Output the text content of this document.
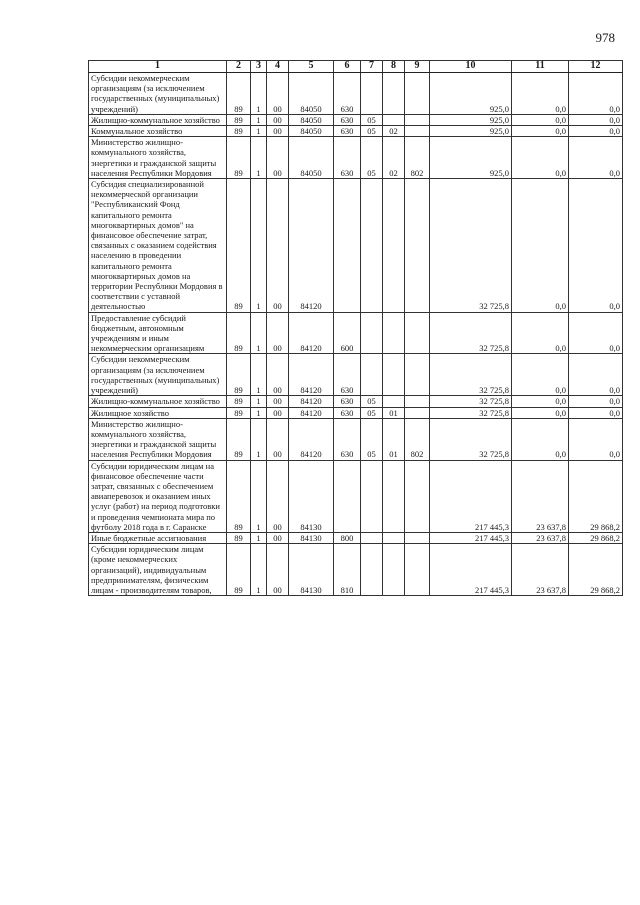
978
1	2	3	4	5	6	7	8	9	10	11	12
Субсидии некоммерческим организациям (за исключением государственных (муниципальных) учреждений)	89	1	00	84050	630				925,0	0,0	0,0
Жилищно-коммунальное хозяйство	89	1	00	84050	630	05			925,0	0,0	0,0
Коммунальное хозяйство	89	1	00	84050	630	05	02		925,0	0,0	0,0
Министерство жилищно-коммунального хозяйства, энергетики и гражданской защиты населения Республики Мордовия	89	1	00	84050	630	05	02	802	925,0	0,0	0,0
Субсидия специализированной некоммерческой организации "Республиканский Фонд капитального ремонта многоквартирных домов" на финансовое обеспечение затрат, связанных с оказанием содействия населению в проведении капитального ремонта многоквартирных домов на территории Республики Мордовия в соответствии с уставной деятельностью	89	1	00	84120					32 725,8	0,0	0,0
Предоставление субсидий бюджетным, автономным учреждениям и иным некоммерческим организациям	89	1	00	84120	600				32 725,8	0,0	0,0
Субсидии некоммерческим организациям (за исключением государственных (муниципальных) учреждений)	89	1	00	84120	630				32 725,8	0,0	0,0
Жилищно-коммунальное хозяйство	89	1	00	84120	630	05			32 725,8	0,0	0,0
Жилищное хозяйство	89	1	00	84120	630	05	01		32 725,8	0,0	0,0
Министерство жилищно-коммунального хозяйства, энергетики и гражданской защиты населения Республики Мордовия	89	1	00	84120	630	05	01	802	32 725,8	0,0	0,0
Субсидии юридическим лицам на финансовое обеспечение части затрат, связанных с обеспечением авиаперевозок и оказанием иных услуг (работ) на период подготовки и проведения чемпионата мира по футболу 2018 года в г. Саранске	89	1	00	84130					217 445,3	23 637,8	29 868,2
Иные бюджетные ассигнования	89	1	00	84130	800				217 445,3	23 637,8	29 868,2
Субсидии юридическим лицам (кроме некоммерческих организаций), индивидуальным предпринимателям, физическим лицам - производителям товаров,	89	1	00	84130	810				217 445,3	23 637,8	29 868,2
